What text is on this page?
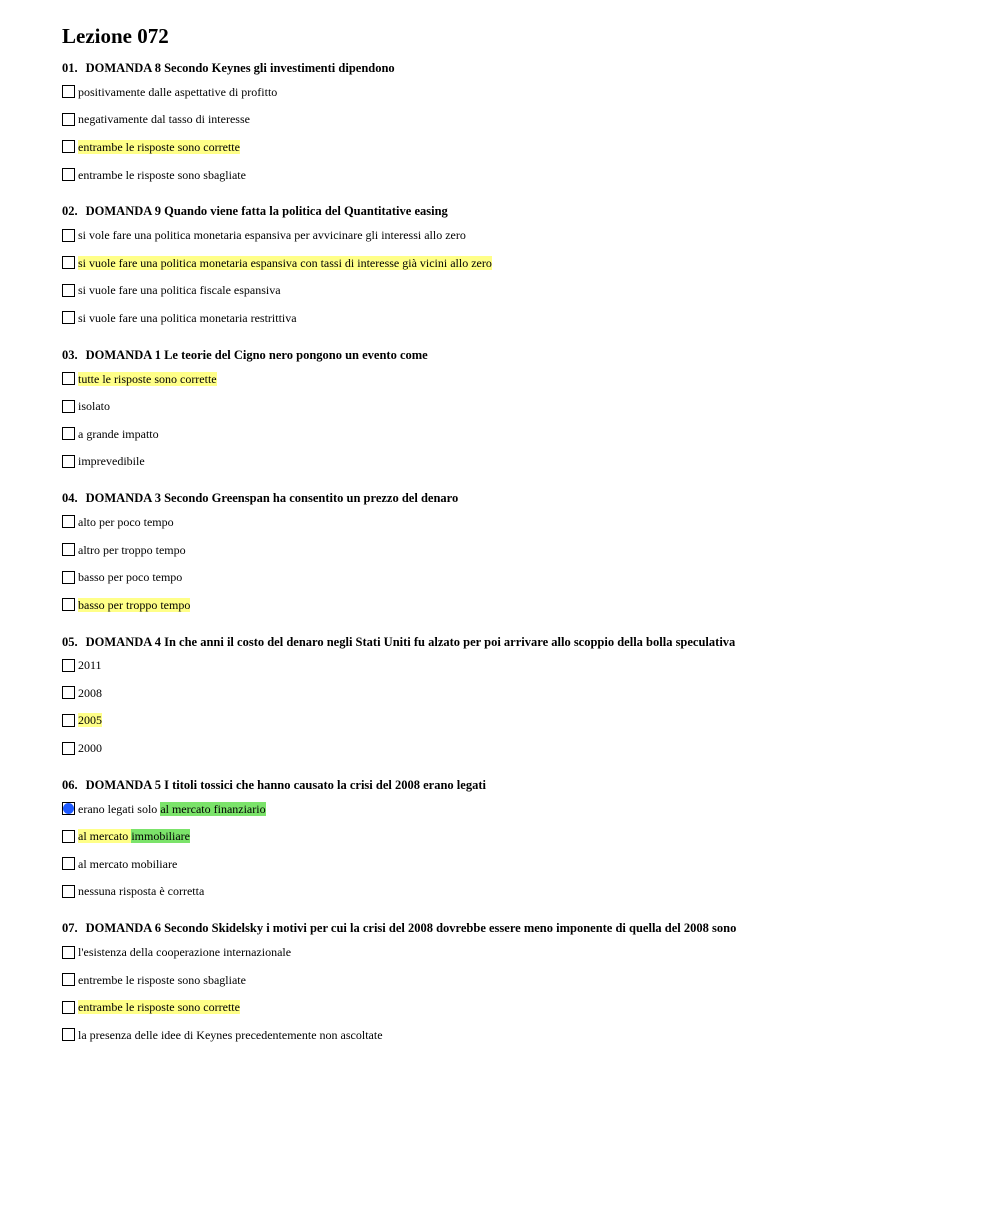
Lezione 072
01. DOMANDA 8 Secondo Keynes gli investimenti dipendono
positivamente dalle aspettative di profitto
negativamente dal tasso di interesse
entrambe le risposte sono corrette
entrambe le risposte sono sbagliate
02. DOMANDA 9 Quando viene fatta la politica del Quantitative easing
si vole fare una politica monetaria espansiva per avvicinare gli interessi allo zero
si vuole fare una politica monetaria espansiva con tassi di interesse già vicini allo zero
si vuole fare una politica fiscale espansiva
si vuole fare una politica monetaria restrittiva
03. DOMANDA 1 Le teorie del Cigno nero pongono un evento come
tutte le risposte sono corrette
isolato
a grande impatto
imprevedibile
04. DOMANDA 3 Secondo Greenspan ha consentito un prezzo del denaro
alto per poco tempo
altro per troppo tempo
basso per poco tempo
basso per troppo tempo
05. DOMANDA 4 In che anni il costo del denaro negli Stati Uniti fu alzato per poi arrivare allo scoppio della bolla speculativa
2011
2008
2005
2000
06. DOMANDA 5 I titoli tossici che hanno causato la crisi del 2008 erano legati
erano legati solo al mercato finanziario
al mercato immobiliare
al mercato mobiliare
nessuna risposta è corretta
07. DOMANDA 6 Secondo Skidelsky i motivi per cui la crisi del 2008 dovrebbe essere meno imponente di quella del 2008 sono
l'esistenza della cooperazione internazionale
entrembe le risposte sono sbagliate
entrambe le risposte sono corrette
la presenza delle idee di Keynes precedentemente non ascoltate
